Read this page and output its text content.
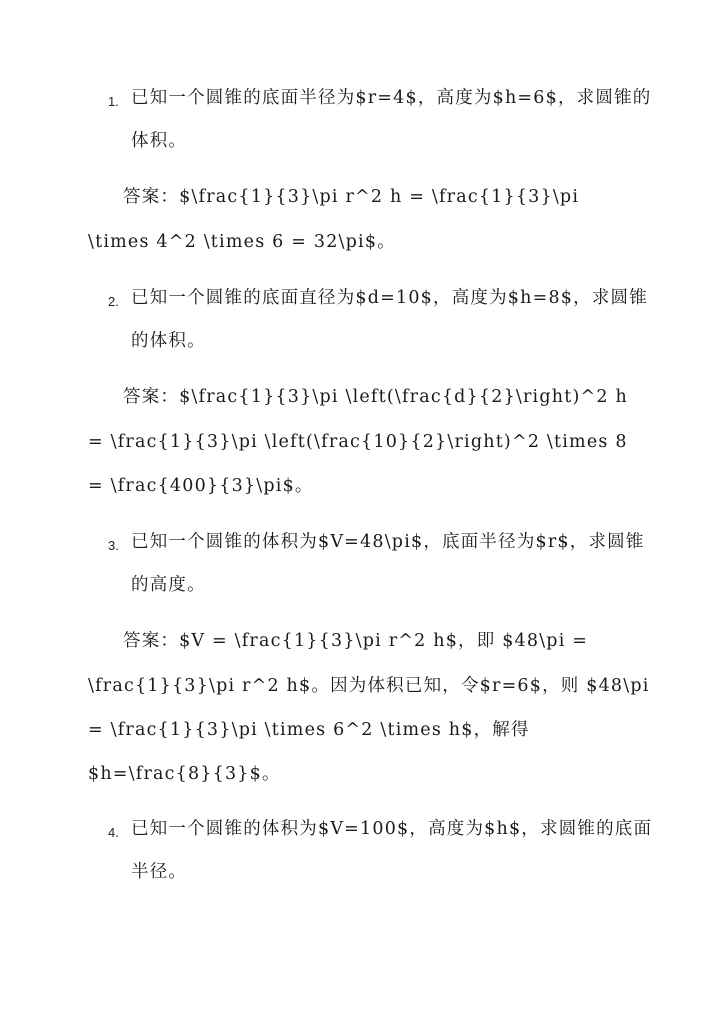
1. 已知一个圆锥的底面半径为$r=4$，高度为$h=6$，求圆锥的
体积。
答案：$\frac{1}{3}\pi r^2 h = \frac{1}{3}\pi
\times 4^2 \times 6 = 32\pi$。
2. 已知一个圆锥的底面直径为$d=10$，高度为$h=8$，求圆锥
的体积。
答案：$\frac{1}{3}\pi \left(\frac{d}{2}\right)^2 h
= \frac{1}{3}\pi \left(\frac{10}{2}\right)^2 \times 8
= \frac{400}{3}\pi$。
3. 已知一个圆锥的体积为$V=48\pi$，底面半径为$r$，求圆锥
的高度。
答案：$V = \frac{1}{3}\pi r^2 h$，即 $48\pi =
\frac{1}{3}\pi r^2 h$。因为体积已知，令$r=6$，则 $48\pi
= \frac{1}{3}\pi \times 6^2 \times h$，解得
$h=\frac{8}{3}$。
4. 已知一个圆锥的体积为$V=100$，高度为$h$，求圆锥的底面
半径。
